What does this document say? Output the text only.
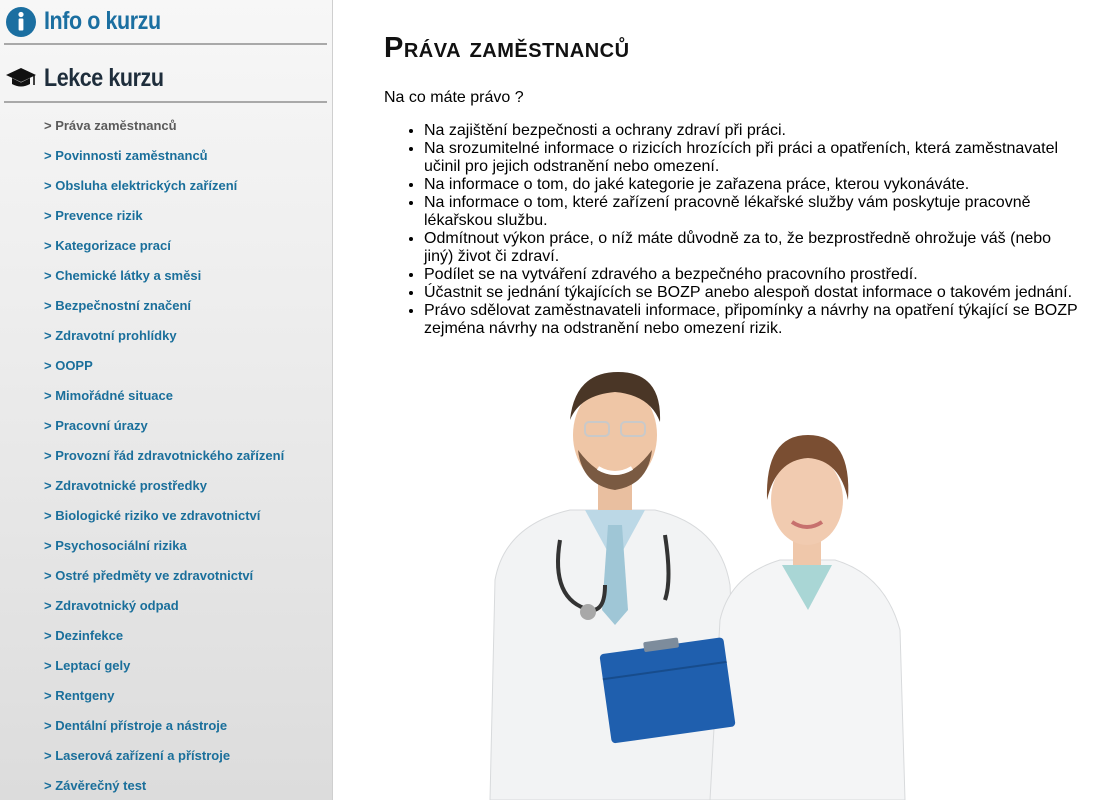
Info o kurzu
Lekce kurzu
> Práva zaměstnanců
> Povinnosti zaměstnanců
> Obsluha elektrických zařízení
> Prevence rizik
> Kategorizace prací
> Chemické látky a směsi
> Bezpečnostní značení
> Zdravotní prohlídky
> OOPP
> Mimořádné situace
> Pracovní úrazy
> Provozní řád zdravotnického zařízení
> Zdravotnické prostředky
> Biologické riziko ve zdravotnictví
> Psychosociální rizika
> Ostré předměty ve zdravotnictví
> Zdravotnický odpad
> Dezinfekce
> Leptací gely
> Rentgeny
> Dentální přístroje a nástroje
> Laserová zařízení a přístroje
> Závěrečný test
Práva zaměstnanců

Na co máte právo ?

• Na zajištění bezpečnosti a ochrany zdraví při práci.
• Na srozumitelné informace o rizicích hrozících při práci a opatřeních, která zaměstnavatel učinil pro jejich odstranění nebo omezení.
• Na informace o tom, do jaké kategorie je zařazena práce, kterou vykonáváte.
• Na informace o tom, které zařízení pracovně lékařské služby vám poskytuje pracovně lékařskou službu.
• Odmítnout výkon práce, o níž máte důvodně za to, že bezprostředně ohrožuje váš (nebo jiný) život či zdraví.
• Podílet se na vytváření zdravého a bezpečného pracovního prostředí.
• Účastnit se jednání týkajících se BOZP anebo alespoň dostat informace o takovém jednání.
• Právo sdělovat zaměstnavateli informace, připomínky a návrhy na opatření týkající se BOZP zejména návrhy na odstranění nebo omezení rizik.
